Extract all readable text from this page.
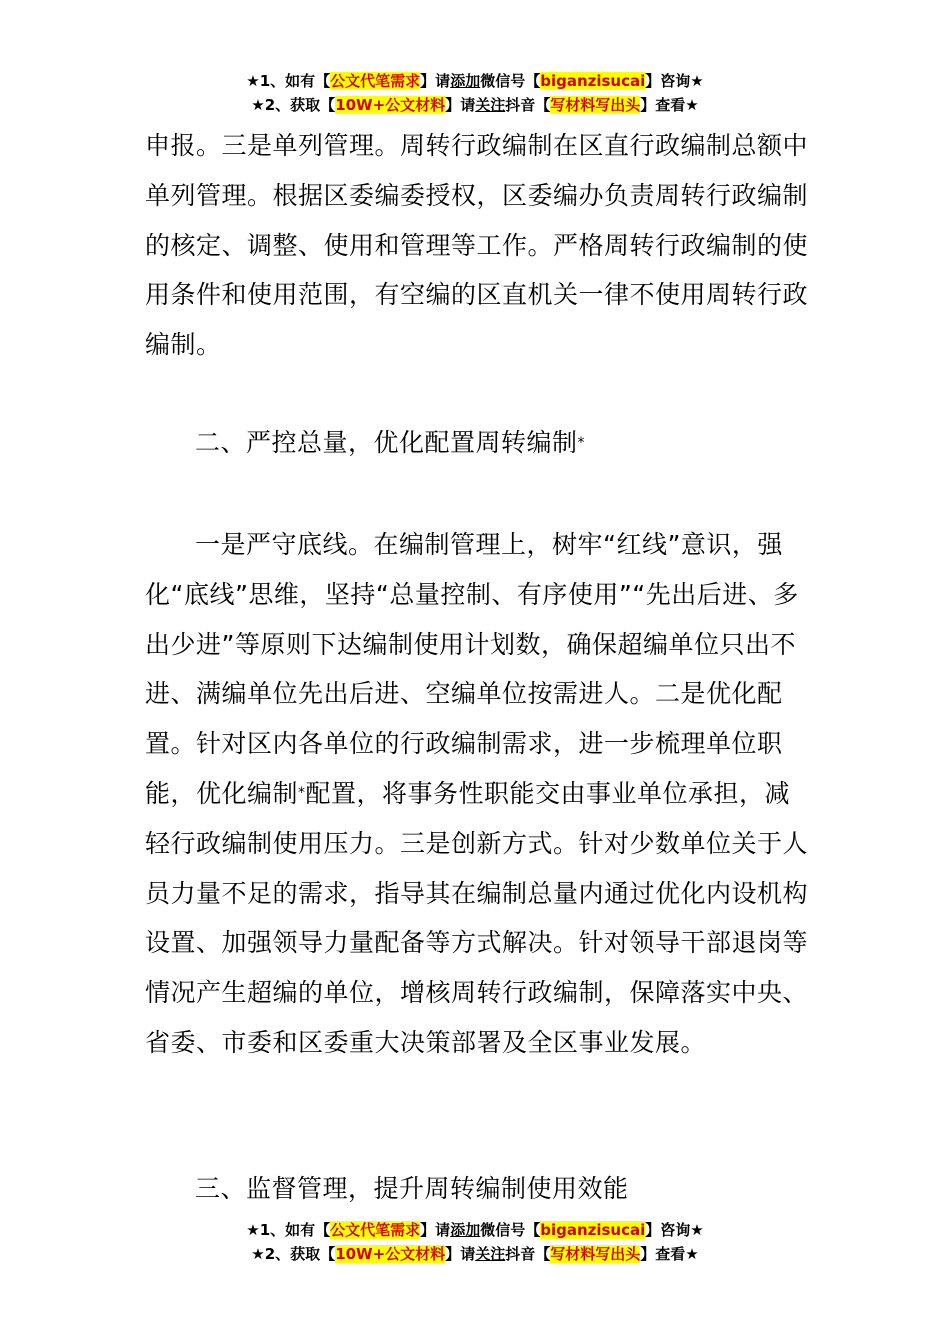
★1、如有【公文代笔需求】请添加微信号【biganzisucai】咨询★
★2、获取【10W+公文材料】请关注抖音【写材料写出头】查看★

申报。三是单列管理。周转行政编制在区直行政编制总额中单列管理。根据区委编委授权，区委编办负责周转行政编制的核定、调整、使用和管理等工作。严格周转行政编制的使用条件和使用范围，有空编的区直机关一律不使用周转行政编制。

二、严控总量，优化配置周转编制*

一是严守底线。在编制管理上，树牢“红线”意识，强化“底线”思维，坚持“总量控制、有序使用”“先出后进、多出少进”等原则下达编制使用计划数，确保超编单位只出不进、满编单位先出后进、空编单位按需进人。二是优化配置。针对区内各单位的行政编制需求，进一步梳理单位职能，优化编制*配置，将事务性职能交由事业单位承担，减轻行政编制使用压力。三是创新方式。针对少数单位关于人员力量不足的需求，指导其在编制总量内通过优化内设机构设置、加强领导力量配备等方式解决。针对领导干部退岗等情况产生超编的单位，增核周转行政编制，保障落实中央、省委、市委和区委重大决策部署及全区事业发展。

三、监督管理，提升周转编制使用效能
★1、如有【公文代笔需求】请添加微信号【biganzisucai】咨询★
★2、获取【10W+公文材料】请关注抖音【写材料写出头】查看★
